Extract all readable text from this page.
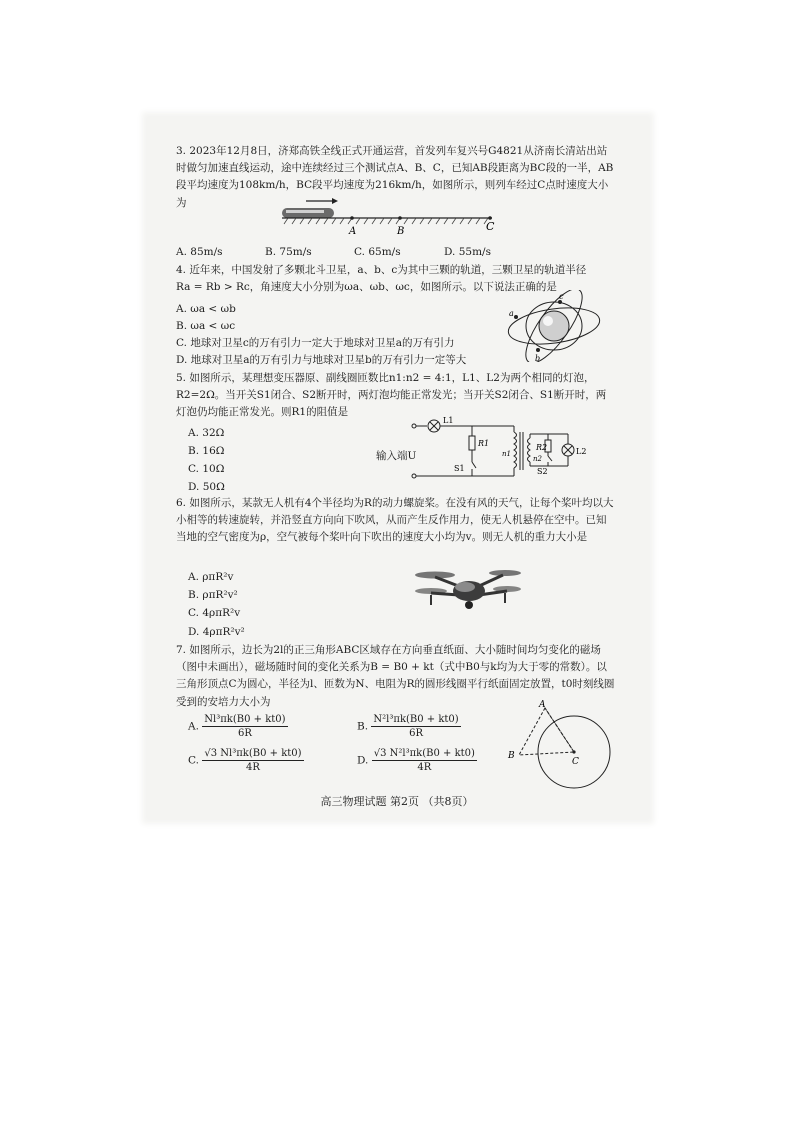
3. 2023年12月8日，济郑高铁全线正式开通运营，首发列车复兴号G4821从济南长清站出站时做匀加速直线运动，途中连续经过三个测试点A、B、C，已知AB段距离为BC段的一半，AB段平均速度为108km/h，BC段平均速度为216km/h，如图所示，则列车经过C点时速度大小为

A	B	C
A. 85m/s	B. 75m/s	C. 65m/s	D. 55m/s

4. 近年来，中国发射了多颗北斗卫星，a、b、c为其中三颗的轨道，三颗卫星的轨道半径

Ra = Rb > Rc，角速度大小分别为ωa、ωb、ωc，如图所示。以下说法正确的是

A. ωa < ωb
B. ωa < ωc
C. 地球对卫星c的万有引力一定大于地球对卫星a的万有引力
D. 地球对卫星a的万有引力与地球对卫星b的万有引力一定等大
a
b
c

5. 如图所示，某理想变压器原、副线圈匝数比n1:n2 = 4:1，L1、L2为两个相同的灯泡，R2=2Ω。当开关S1闭合、S2断开时，两灯泡均能正常发光；当开关S2闭合、S1断开时，两灯泡仍均能正常发光。则R1的阻值是

A. 32Ω
B. 16Ω
C. 10Ω
D. 50Ω
输入端U
L1
R1
S1
n1
n2
R2
S2
L2

6. 如图所示，某款无人机有4个半径均为R的动力螺旋桨。在没有风的天气，让每个桨叶均以大小相等的转速旋转，并沿竖直方向向下吹风，从而产生反作用力，使无人机悬停在空中。已知当地的空气密度为ρ，空气被每个桨叶向下吹出的速度大小均为v。则无人机的重力大小是

A. ρπR²v
B. ρπR²v²
C. 4ρπR²v
D. 4ρπR²v²

7. 如图所示，边长为2l的正三角形ABC区域存在方向垂直纸面、大小随时间均匀变化的磁场（图中未画出），磁场随时间的变化关系为B = B0 + kt（式中B0与k均为大于零的常数）。以三角形顶点C为圆心，半径为l、匝数为N、电阻为R的圆形线圈平行纸面固定放置，t0时刻线圈受到的安培力大小为

A. $\frac{\text{Nl³πk(B0 + kt0)}}{6R}$	B. $\frac{\text{N²l³πk(B0 + kt0)}}{6R}$
C. $\frac{\text{√3 Nl³πk(B0 + kt0)}}{4R}$	D. $\frac{\text{√3 N²l³πk(B0 + kt0)}}{4R}$
A
B
C
高三物理试题 第2页 （共8页）
